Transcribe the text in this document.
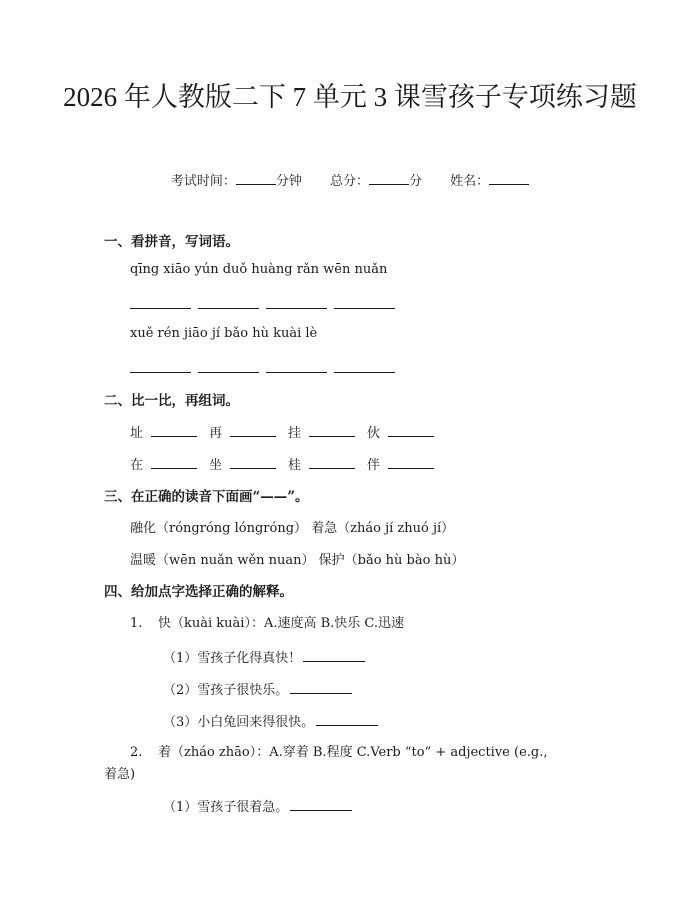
2026 年人教版二下 7 单元 3 课雪孩子专项练习题
考试时间：	分钟 总分：	分 姓名：
一、看拼音，写词语。
qīng xiāo yún duǒ huàng rǎn wēn nuǎn
xuě rén jiāo jí bǎo hù kuài lè
二、比一比，再组词。
址	再	挂	伙
在	坐	桂	伴
三、在正确的读音下面画“——”。
融化（róngróng lóngróng） 着急（zháo jí zhuó jí）
温暖（wēn nuǎn wěn nuan） 保护（bǎo hù bào hù）
四、给加点字选择正确的解释。
1. 快（kuài kuài）：A.速度高 B.快乐 C.迅速
（1）雪孩子化得真快！
（2）雪孩子很快乐。
（3）小白兔回来得很快。
2. 着（zháo zhāo）：A.穿着 B.程度 C.Verb “to” + adjective (e.g.,
着急)
（1）雪孩子很着急。
